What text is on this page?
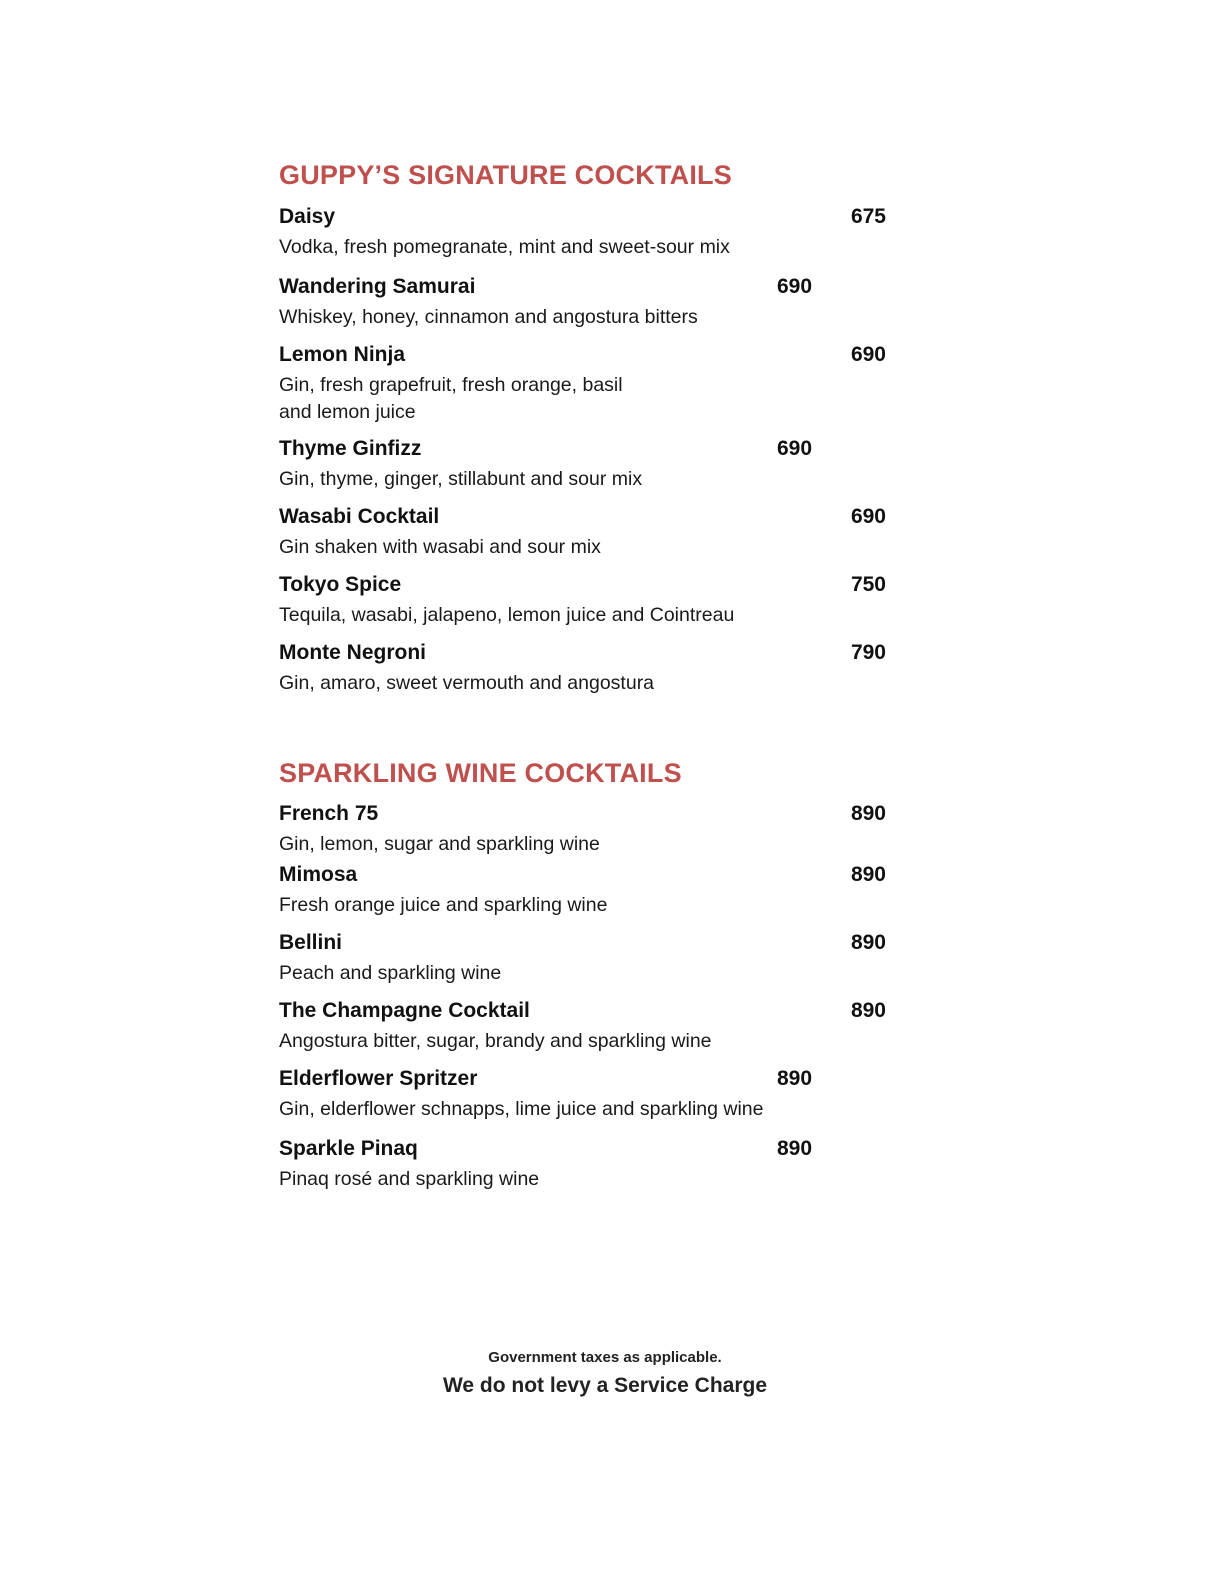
GUPPY’S SIGNATURE COCKTAILS
Daisy	675
Vodka, fresh pomegranate, mint and sweet-sour mix
Wandering Samurai	690
Whiskey, honey, cinnamon and angostura bitters
Lemon Ninja	690
Gin, fresh grapefruit, fresh orange, basil
and lemon juice
Thyme Ginfizz	690
Gin, thyme, ginger, stillabunt and sour mix
Wasabi Cocktail	690
Gin shaken with wasabi and sour mix
Tokyo Spice	750
Tequila, wasabi, jalapeno, lemon juice and Cointreau
Monte Negroni	790
Gin, amaro, sweet vermouth and angostura
SPARKLING WINE COCKTAILS
French 75	890
Gin, lemon, sugar and sparkling wine
Mimosa	890
Fresh orange juice and sparkling wine
Bellini	890
Peach and sparkling wine
The Champagne Cocktail	890
Angostura bitter, sugar, brandy and sparkling wine
Elderflower Spritzer	890
Gin, elderflower schnapps, lime juice and sparkling wine
Sparkle Pinaq	890
Pinaq rosé and sparkling wine
Government taxes as applicable.
We do not levy a Service Charge
